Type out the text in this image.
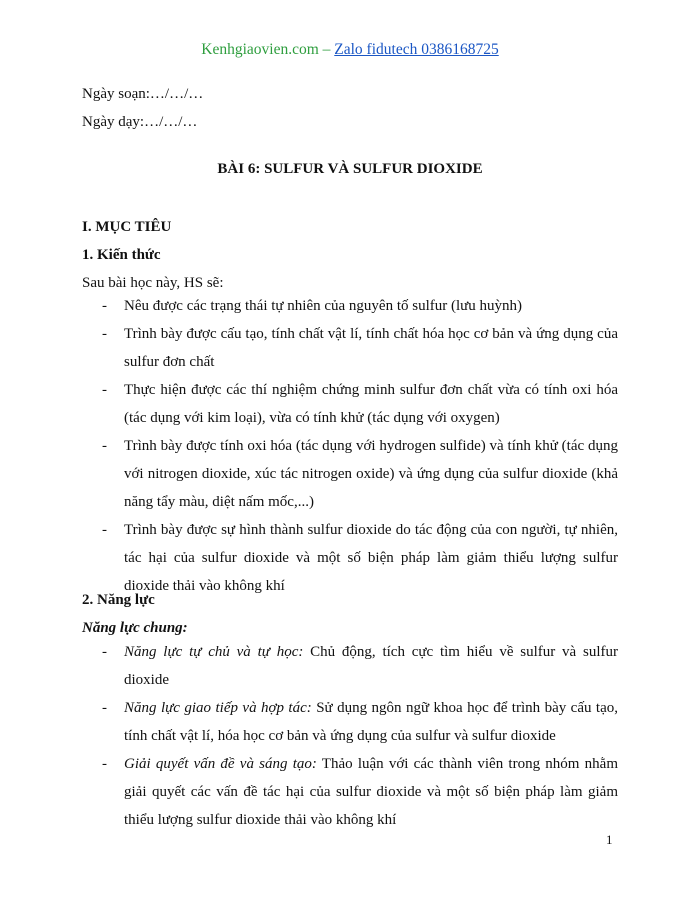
Kenhgiaovien.com – Zalo fidutech 0386168725
Ngày soạn:…/…/…
Ngày dạy:…/…/…
BÀI 6: SULFUR VÀ SULFUR DIOXIDE
I. MỤC TIÊU
1. Kiến thức
Sau bài học này, HS sẽ:
- Nêu được các trạng thái tự nhiên của nguyên tố sulfur (lưu huỳnh)
- Trình bày được cấu tạo, tính chất vật lí, tính chất hóa học cơ bản và ứng dụng của sulfur đơn chất
- Thực hiện được các thí nghiệm chứng minh sulfur đơn chất vừa có tính oxi hóa (tác dụng với kim loại), vừa có tính khử (tác dụng với oxygen)
- Trình bày được tính oxi hóa (tác dụng với hydrogen sulfide) và tính khử (tác dụng với nitrogen dioxide, xúc tác nitrogen oxide) và ứng dụng của sulfur dioxide (khả năng tẩy màu, diệt nấm mốc,...)
- Trình bày được sự hình thành sulfur dioxide do tác động của con người, tự nhiên, tác hại của sulfur dioxide và một số biện pháp làm giảm thiểu lượng sulfur dioxide thải vào không khí
2. Năng lực
Năng lực chung:
- Năng lực tự chủ và tự học: Chủ động, tích cực tìm hiểu về sulfur và sulfur dioxide
- Năng lực giao tiếp và hợp tác: Sử dụng ngôn ngữ khoa học để trình bày cấu tạo, tính chất vật lí, hóa học cơ bản và ứng dụng của sulfur và sulfur dioxide
- Giải quyết vấn đề và sáng tạo: Thảo luận với các thành viên trong nhóm nhằm giải quyết các vấn đề tác hại của sulfur dioxide và một số biện pháp làm giảm thiểu lượng sulfur dioxide thải vào không khí
1
